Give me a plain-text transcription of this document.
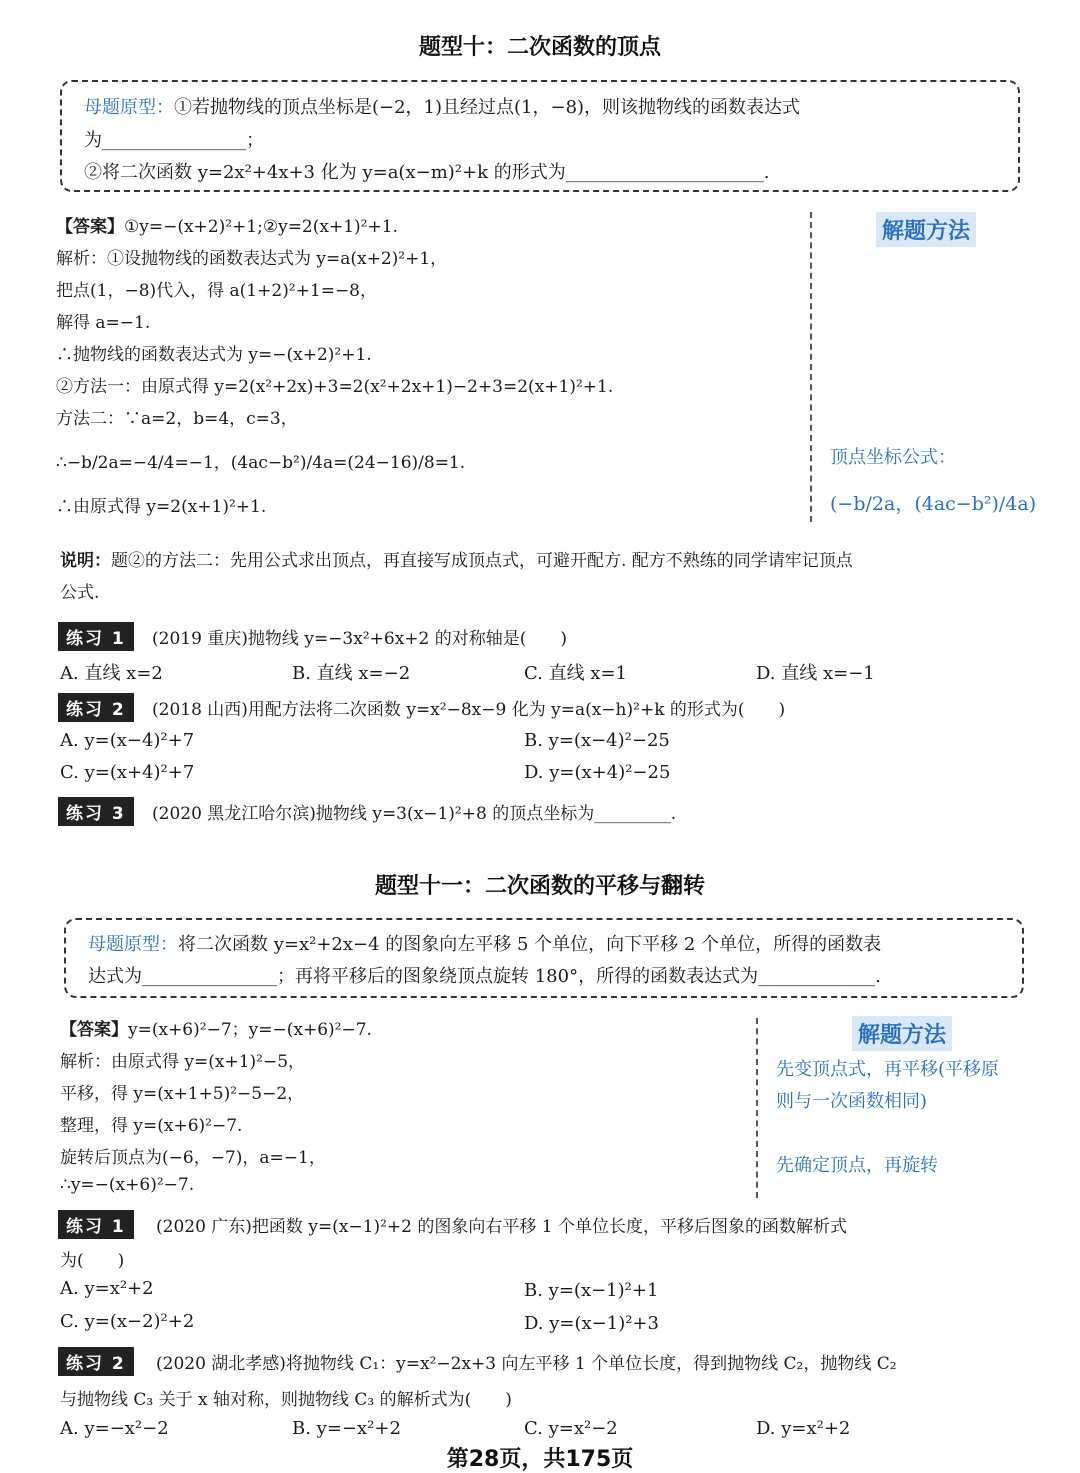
题型十：二次函数的顶点
母题原型：①若抛物线的顶点坐标是(−2，1)且经过点(1，−8)，则该抛物线的函数表达式
为________________；
②将二次函数 y=2x²+4x+3 化为 y=a(x−m)²+k 的形式为______________________.
【答案】①y=−(x+2)²+1;②y=2(x+1)²+1.
解析：①设抛物线的函数表达式为 y=a(x+2)²+1，
把点(1，−8)代入，得 a(1+2)²+1=−8，
解得 a=−1.
∴抛物线的函数表达式为 y=−(x+2)²+1.
②方法一：由原式得 y=2(x²+2x)+3=2(x²+2x+1)−2+3=2(x+1)²+1.
方法二：∵a=2，b=4，c=3，
∴−b/2a=−4/4=−1，(4ac−b²)/4a=(24−16)/8=1.
∴由原式得 y=2(x+1)²+1.
解题方法
顶点坐标公式：
(−b/2a，(4ac−b²)/4a)
说明：题②的方法二：先用公式求出顶点，再直接写成顶点式，可避开配方. 配方不熟练的同学请牢记顶点
公式.
练习 1	(2019 重庆)抛物线 y=−3x²+6x+2 的对称轴是(　　)
A. 直线 x=2	B. 直线 x=−2	C. 直线 x=1	D. 直线 x=−1
练习 2	(2018 山西)用配方法将二次函数 y=x²−8x−9 化为 y=a(x−h)²+k 的形式为(　　)
A. y=(x−4)²+7	B. y=(x−4)²−25
C. y=(x+4)²+7	D. y=(x+4)²−25
练习 3	(2020 黑龙江哈尔滨)抛物线 y=3(x−1)²+8 的顶点坐标为_________.
题型十一：二次函数的平移与翻转
母题原型：将二次函数 y=x²+2x−4 的图象向左平移 5 个单位，向下平移 2 个单位，所得的函数表
达式为_______________；再将平移后的图象绕顶点旋转 180°，所得的函数表达式为_____________.
【答案】y=(x+6)²−7；y=−(x+6)²−7.
解析：由原式得 y=(x+1)²−5，
平移，得 y=(x+1+5)²−5−2，
整理，得 y=(x+6)²−7.
旋转后顶点为(−6，−7)，a=−1，
∴y=−(x+6)²−7.
解题方法
先变顶点式，再平移(平移原
则与一次函数相同)
先确定顶点，再旋转
练习 1	(2020 广东)把函数 y=(x−1)²+2 的图象向右平移 1 个单位长度，平移后图象的函数解析式
为(　　)
A. y=x²+2	B. y=(x−1)²+1
C. y=(x−2)²+2	D. y=(x−1)²+3
练习 2	(2020 湖北孝感)将抛物线 C₁：y=x²−2x+3 向左平移 1 个单位长度，得到抛物线 C₂，抛物线 C₂
与抛物线 C₃ 关于 x 轴对称，则抛物线 C₃ 的解析式为(　　)
A. y=−x²−2	B. y=−x²+2	C. y=x²−2	D. y=x²+2
第28页，共175页
